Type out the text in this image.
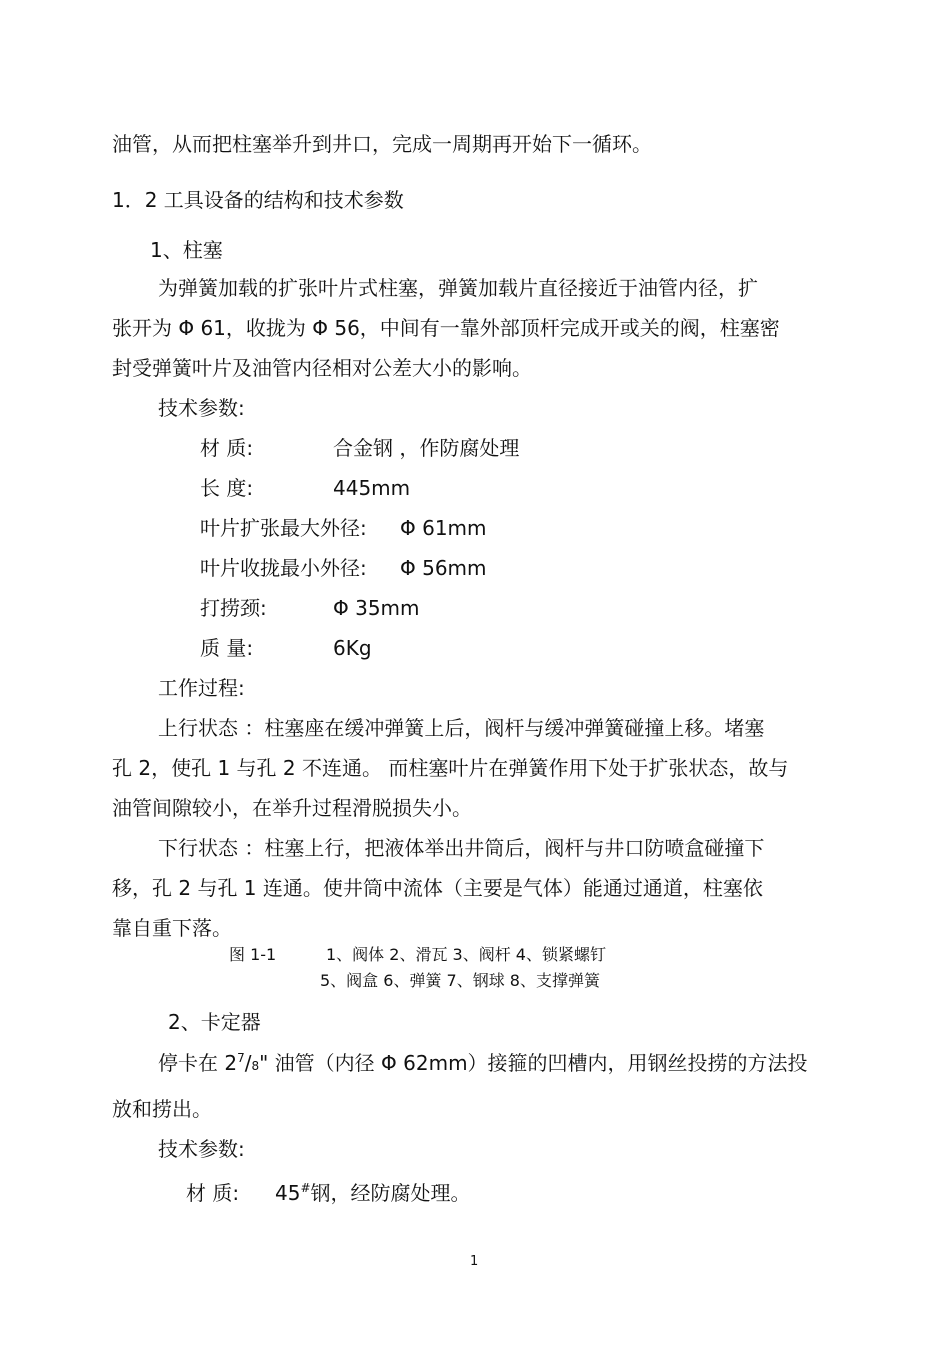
油管，从而把柱塞举升到井口，完成一周期再开始下一循环。
1．2 工具设备的结构和技术参数
1、柱塞
为弹簧加载的扩张叶片式柱塞，弹簧加载片直径接近于油管内径，扩
张开为 Φ 61，收拢为 Φ 56，中间有一靠外部顶杆完成开或关的阀，柱塞密
封受弹簧叶片及油管内径相对公差大小的影响。
技术参数:
材 质:	合金钢 ，作防腐处理
长 度:	445mm
叶片扩张最大外径: Φ 61mm
叶片收拢最小外径: Φ 56mm
打捞颈:	Φ 35mm
质 量:	6Kg
工作过程:
上行状态 ：柱塞座在缓冲弹簧上后，阀杆与缓冲弹簧碰撞上移。堵塞
孔 2，使孔 1 与孔 2 不连通。 而柱塞叶片在弹簧作用下处于扩张状态，故与
油管间隙较小，在举升过程滑脱损失小。
下行状态 ：柱塞上行，把液体举出井筒后，阀杆与井口防喷盒碰撞下
移，孔 2 与孔 1 连通。使井筒中流体（主要是气体）能通过通道，柱塞依
靠自重下落。
图 1-1	1、阀体 2、滑瓦 3、阀杆 4、锁紧螺钉
5、阀盒 6、弹簧 7、钢球 8、支撑弹簧
2、卡定器
停卡在 $2^7/8$" 油管（内径 Φ 62mm）接箍的凹槽内，用钢丝投捞的方法投
放和捞出。
技术参数:
材 质: 45#钢，经防腐处理。
1
